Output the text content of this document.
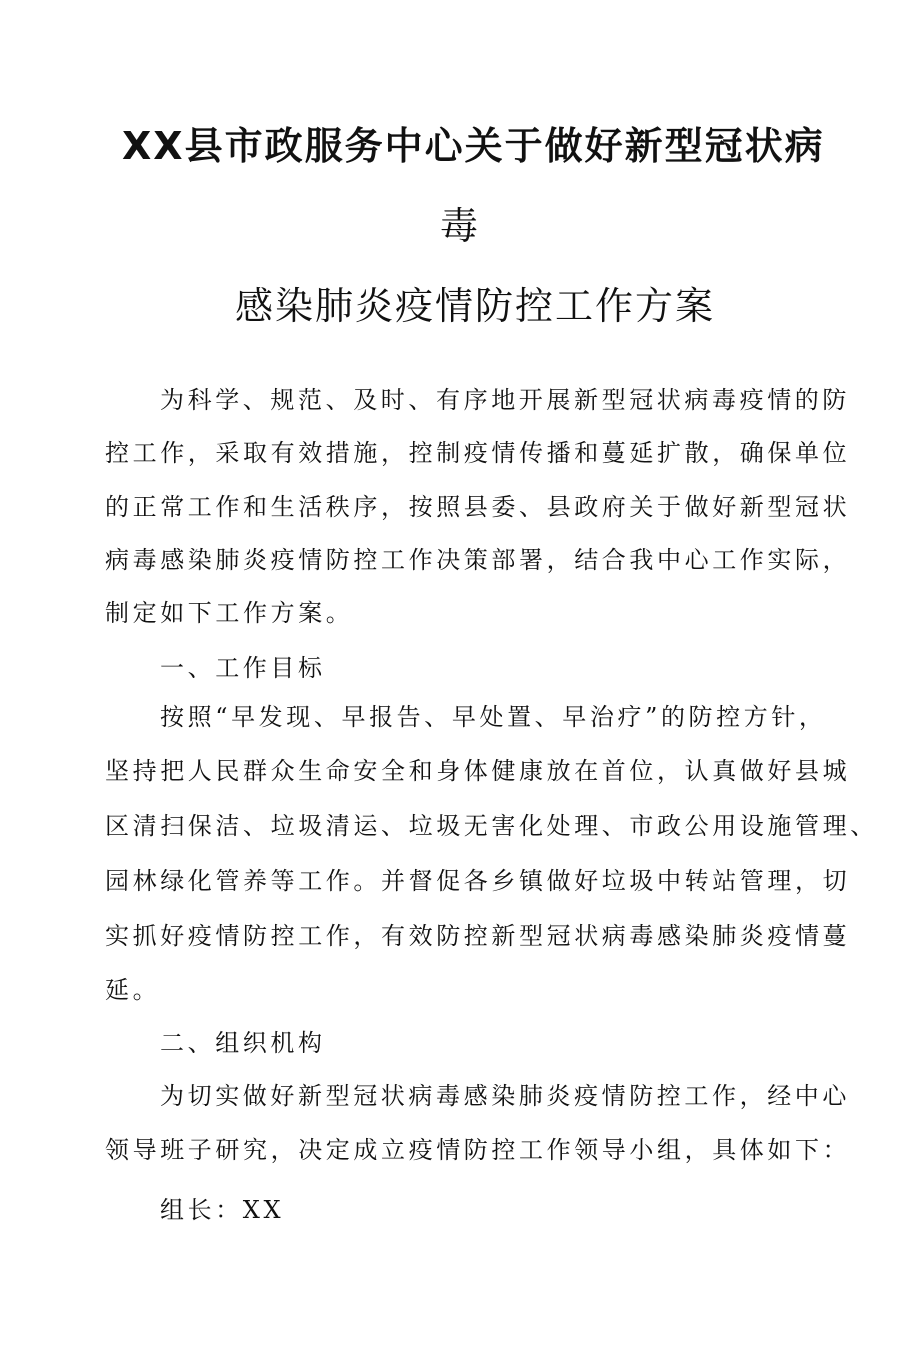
XX县市政服务中心关于做好新型冠状病
毒
感染肺炎疫情防控工作方案
为科学、规范、及时、有序地开展新型冠状病毒疫情的防
控工作，采取有效措施，控制疫情传播和蔓延扩散，确保单位
的正常工作和生活秩序，按照县委、县政府关于做好新型冠状
病毒感染肺炎疫情防控工作决策部署，结合我中心工作实际，
制定如下工作方案。
一、工作目标
按照“早发现、早报告、早处置、早治疗”的防控方针，
坚持把人民群众生命安全和身体健康放在首位，认真做好县城
区清扫保洁、垃圾清运、垃圾无害化处理、市政公用设施管理、
园林绿化管养等工作。并督促各乡镇做好垃圾中转站管理，切
实抓好疫情防控工作，有效防控新型冠状病毒感染肺炎疫情蔓
延。
二、组织机构
为切实做好新型冠状病毒感染肺炎疫情防控工作，经中心
领导班子研究，决定成立疫情防控工作领导小组，具体如下：
组长：XX
